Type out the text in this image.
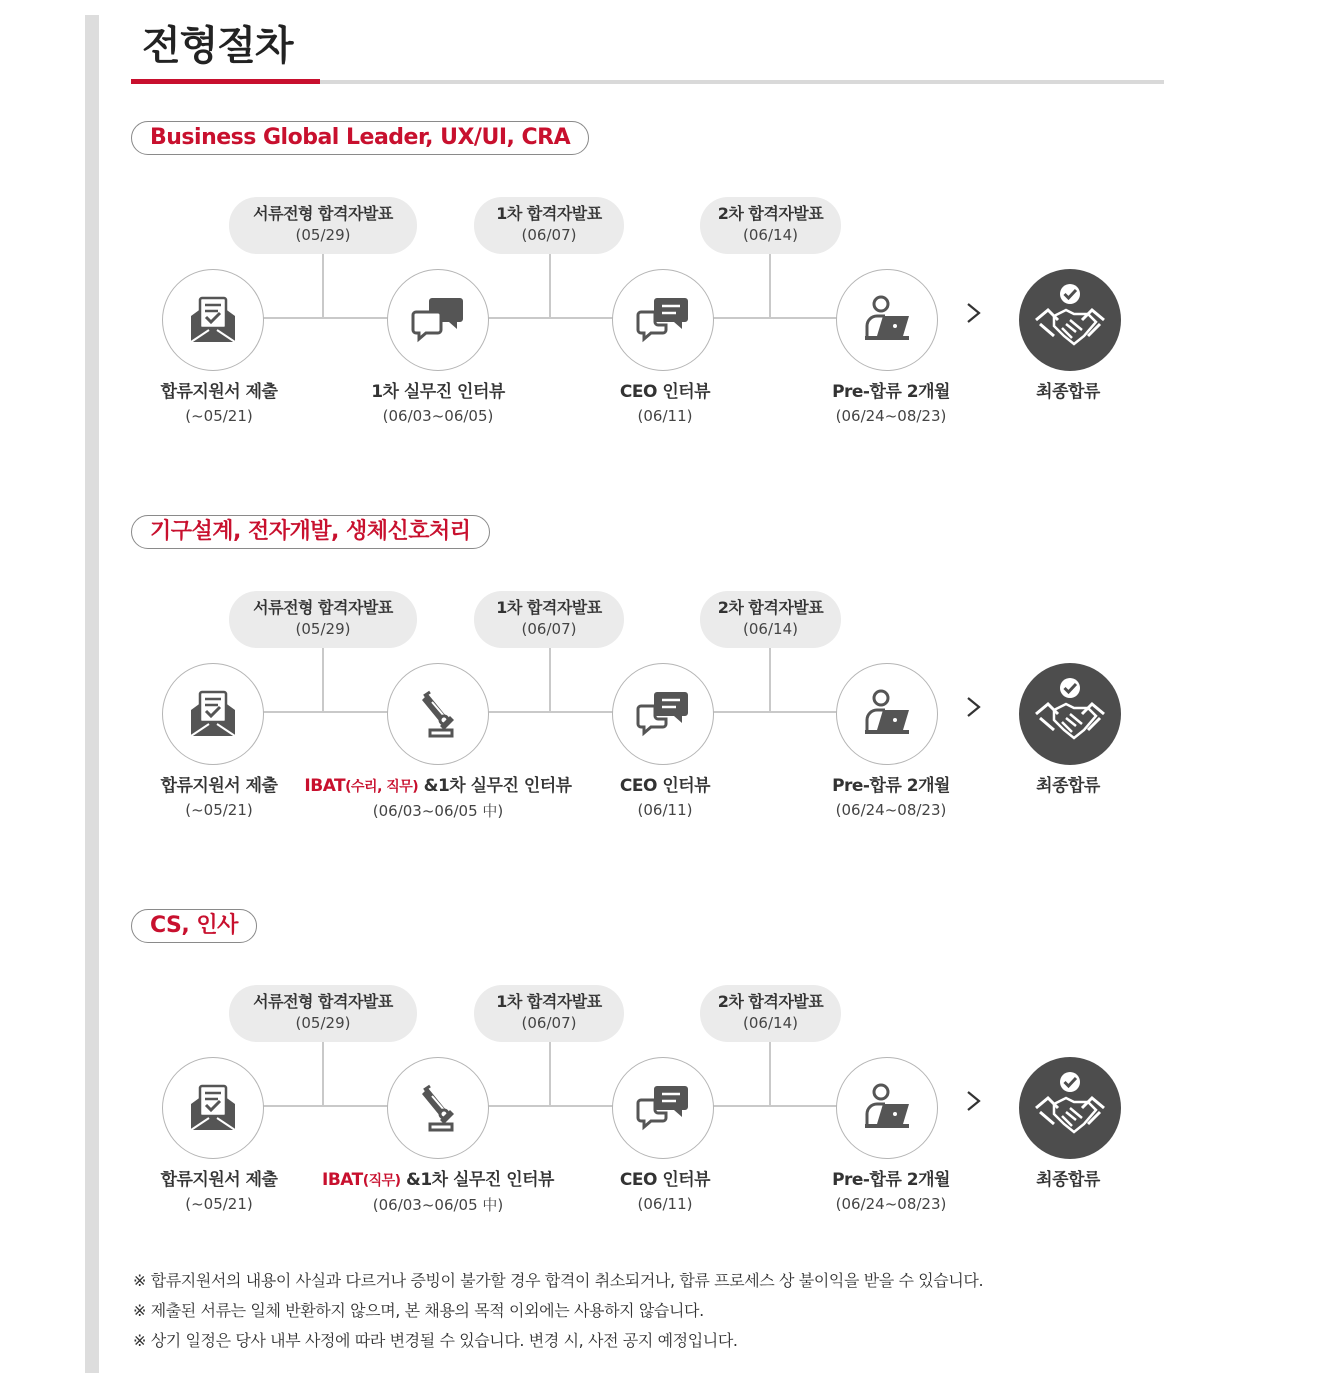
전형절차
Business Global Leader, UX/UI, CRA
서류전형 합격자발표
(05/29)
1차 합격자발표
(06/07)
2차 합격자발표
(06/14)
합류지원서 제출
(~05/21)
1차 실무진 인터뷰
(06/03~06/05)
CEO 인터뷰
(06/11)
Pre-합류 2개월
(06/24~08/23)
최종합류
기구설계, 전자개발, 생체신호처리
서류전형 합격자발표
(05/29)
1차 합격자발표
(06/07)
2차 합격자발표
(06/14)
합류지원서 제출
(~05/21)
IBAT(수리, 직무) &1차 실무진 인터뷰
(06/03~06/05 中)
CEO 인터뷰
(06/11)
Pre-합류 2개월
(06/24~08/23)
최종합류
CS, 인사
서류전형 합격자발표
(05/29)
1차 합격자발표
(06/07)
2차 합격자발표
(06/14)
합류지원서 제출
(~05/21)
IBAT(직무) &1차 실무진 인터뷰
(06/03~06/05 中)
CEO 인터뷰
(06/11)
Pre-합류 2개월
(06/24~08/23)
최종합류
※ 합류지원서의 내용이 사실과 다르거나 증빙이 불가할 경우 합격이 취소되거나, 합류 프로세스 상 불이익을 받을 수 있습니다.
※ 제출된 서류는 일체 반환하지 않으며, 본 채용의 목적 이외에는 사용하지 않습니다.
※ 상기 일정은 당사 내부 사정에 따라 변경될 수 있습니다. 변경 시, 사전 공지 예정입니다.
